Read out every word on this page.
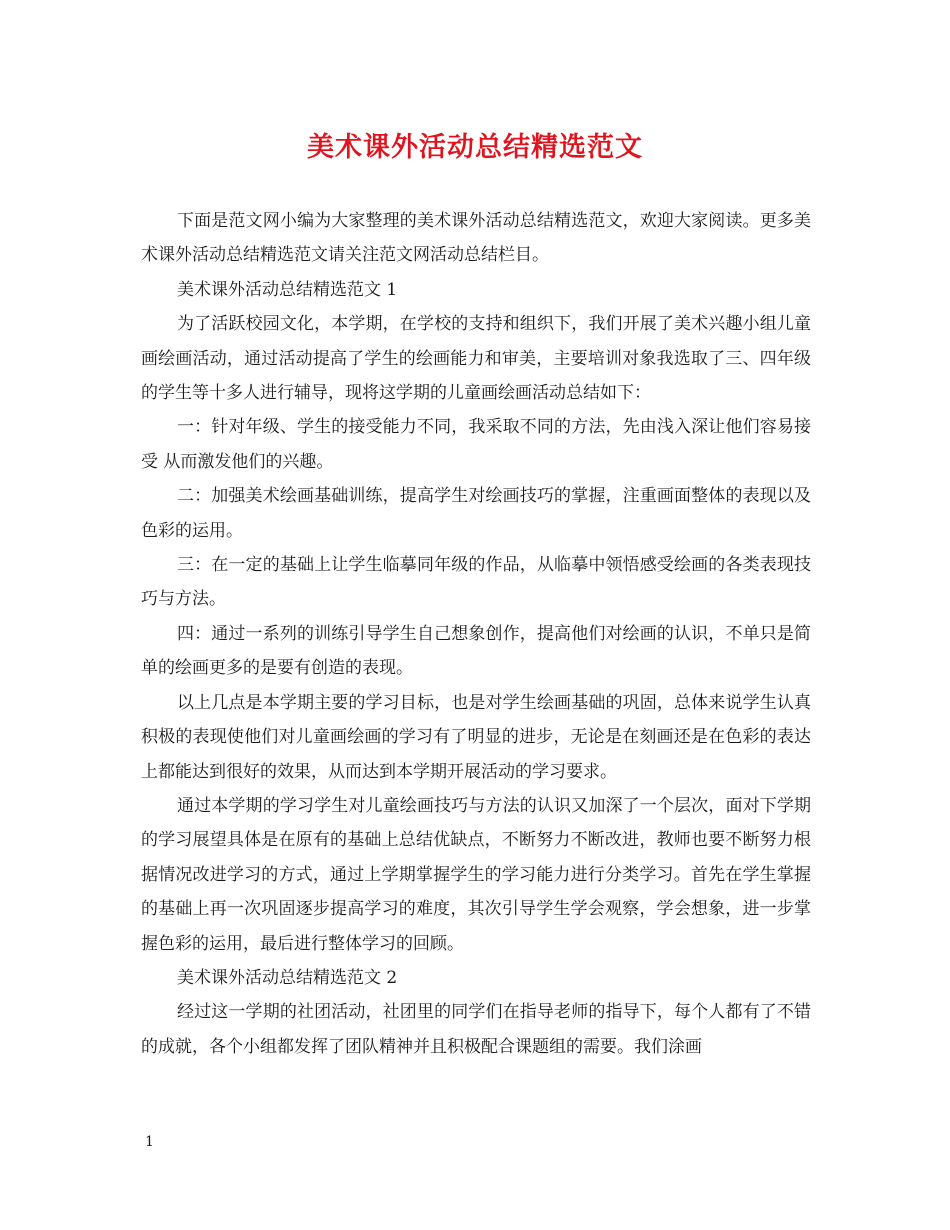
美术课外活动总结精选范文

下面是范文网小编为大家整理的美术课外活动总结精选范文，欢迎大家阅读。更多美术课外活动总结精选范文请关注范文网活动总结栏目。

美术课外活动总结精选范文 1

为了活跃校园文化，本学期，在学校的支持和组织下，我们开展了美术兴趣小组儿童画绘画活动，通过活动提高了学生的绘画能力和审美，主要培训对象我选取了三、四年级的学生等十多人进行辅导，现将这学期的儿童画绘画活动总结如下：

一：针对年级、学生的接受能力不同，我采取不同的方法，先由浅入深让他们容易接受 从而激发他们的兴趣。

二：加强美术绘画基础训练，提高学生对绘画技巧的掌握，注重画面整体的表现以及色彩的运用。

三：在一定的基础上让学生临摹同年级的作品，从临摹中领悟感受绘画的各类表现技巧与方法。

四：通过一系列的训练引导学生自己想象创作，提高他们对绘画的认识，不单只是简单的绘画更多的是要有创造的表现。

以上几点是本学期主要的学习目标，也是对学生绘画基础的巩固，总体来说学生认真积极的表现使他们对儿童画绘画的学习有了明显的进步，无论是在刻画还是在色彩的表达上都能达到很好的效果，从而达到本学期开展活动的学习要求。

通过本学期的学习学生对儿童绘画技巧与方法的认识又加深了一个层次，面对下学期的学习展望具体是在原有的基础上总结优缺点，不断努力不断改进，教师也要不断努力根据情况改进学习的方式，通过上学期掌握学生的学习能力进行分类学习。首先在学生掌握的基础上再一次巩固逐步提高学习的难度，其次引导学生学会观察，学会想象，进一步掌握色彩的运用，最后进行整体学习的回顾。

美术课外活动总结精选范文 2

经过这一学期的社团活动，社团里的同学们在指导老师的指导下，每个人都有了不错的成就，各个小组都发挥了团队精神并且积极配合课题组的需要。我们涂画

1
